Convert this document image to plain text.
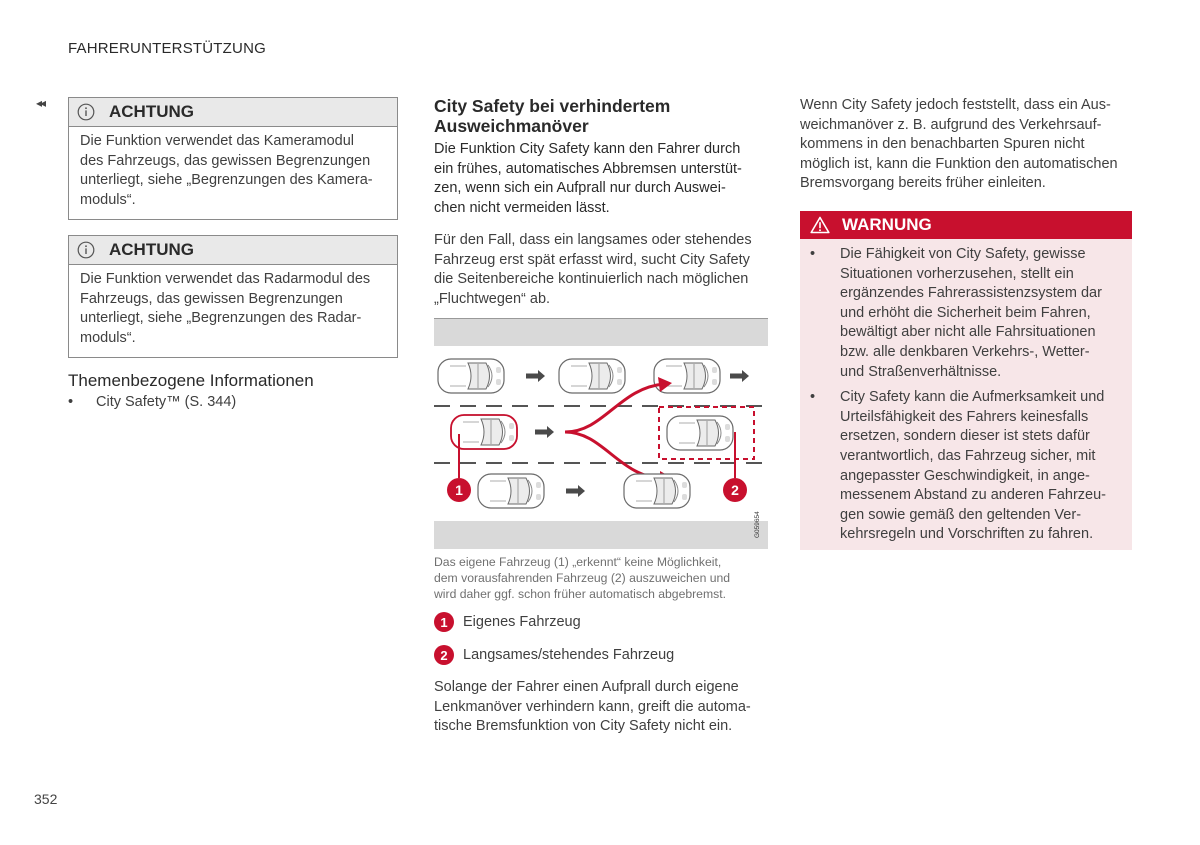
FAHRERUNTERSTÜTZUNG
◂◂
352
ACHTUNG
Die Funktion verwendet das Kameramodul
des Fahrzeugs, das gewissen Begrenzungen
unterliegt, siehe „Begrenzungen des Kamera-
moduls“.
ACHTUNG
Die Funktion verwendet das Radarmodul des
Fahrzeugs, das gewissen Begrenzungen
unterliegt, siehe „Begrenzungen des Radar-
moduls“.
Themenbezogene Informationen
• City Safety™ (S. 344)
City Safety bei verhindertem
Ausweichmanöver
Die Funktion City Safety kann den Fahrer durch
ein frühes, automatisches Abbremsen unterstüt-
zen, wenn sich ein Aufprall nur durch Auswei-
chen nicht vermeiden lässt.
Für den Fall, dass ein langsames oder stehendes
Fahrzeug erst spät erfasst wird, sucht City Safety
die Seitenbereiche kontinuierlich nach möglichen
„Fluchtwegen“ ab.
1	2
G059654
Das eigene Fahrzeug (1) „erkennt“ keine Möglichkeit,
dem vorausfahrenden Fahrzeug (2) auszuweichen und
wird daher ggf. schon früher automatisch abgebremst.
1	Eigenes Fahrzeug
2	Langsames/stehendes Fahrzeug
Solange der Fahrer einen Aufprall durch eigene
Lenkmanöver verhindern kann, greift die automa-
tische Bremsfunktion von City Safety nicht ein.
Wenn City Safety jedoch feststellt, dass ein Aus-
weichmanöver z. B. aufgrund des Verkehrsauf-
kommens in den benachbarten Spuren nicht
möglich ist, kann die Funktion den automatischen
Bremsvorgang bereits früher einleiten.
WARNUNG
•	Die Fähigkeit von City Safety, gewisse
Situationen vorherzusehen, stellt ein
ergänzendes Fahrerassistenzsystem dar
und erhöht die Sicherheit beim Fahren,
bewältigt aber nicht alle Fahrsituationen
bzw. alle denkbaren Verkehrs-, Wetter-
und Straßenverhältnisse.
•	City Safety kann die Aufmerksamkeit und
Urteilsfähigkeit des Fahrers keinesfalls
ersetzen, sondern dieser ist stets dafür
verantwortlich, das Fahrzeug sicher, mit
angepasster Geschwindigkeit, in ange-
messenem Abstand zu anderen Fahrzeu-
gen sowie gemäß den geltenden Ver-
kehrsregeln und Vorschriften zu fahren.
